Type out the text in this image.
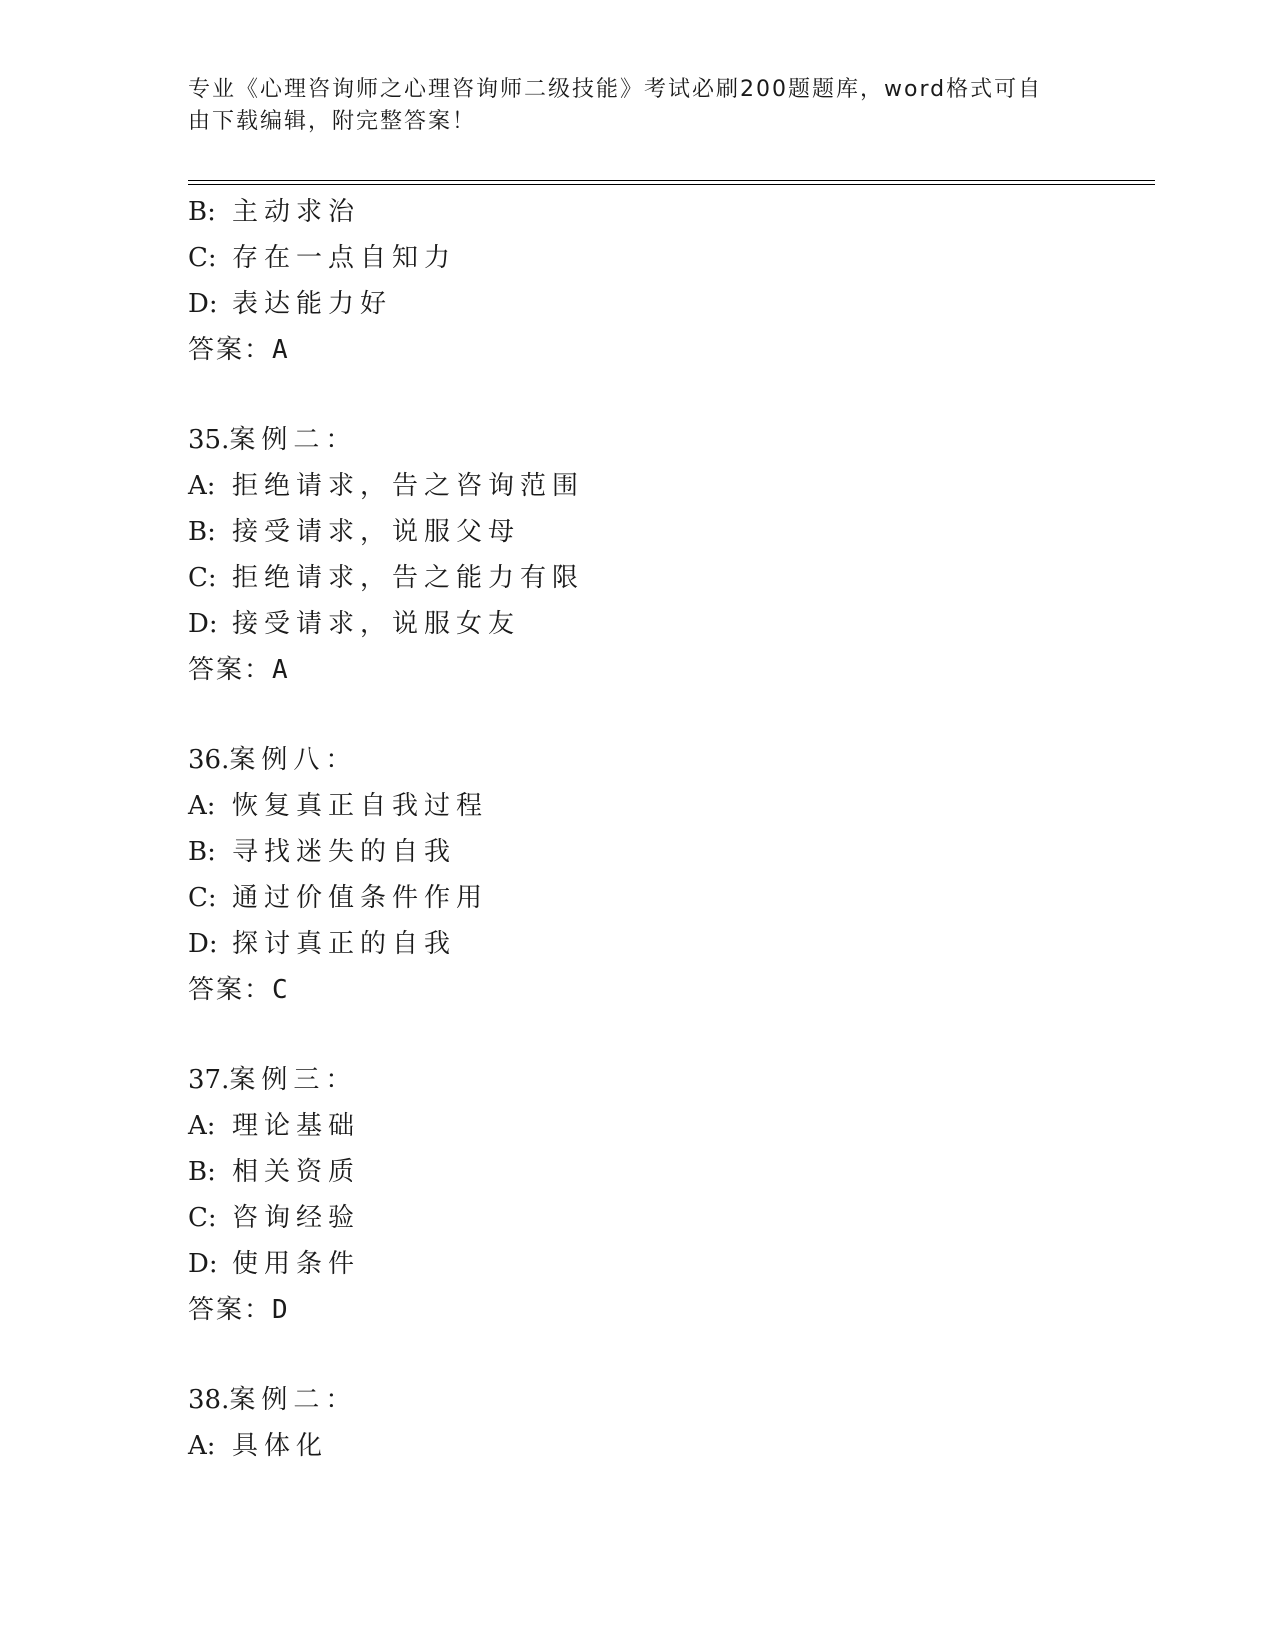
专业《心理咨询师之心理咨询师二级技能》考试必刷200题题库，word格式可自
由下载编辑，附完整答案！
B: 主动求治
C: 存在一点自知力
D: 表达能力好
答案：A
35.案例二：
A: 拒绝请求，告之咨询范围
B: 接受请求，说服父母
C: 拒绝请求，告之能力有限
D: 接受请求，说服女友
答案：A
36.案例八：
A: 恢复真正自我过程
B: 寻找迷失的自我
C: 通过价值条件作用
D: 探讨真正的自我
答案：C
37.案例三：
A: 理论基础
B: 相关资质
C: 咨询经验
D: 使用条件
答案：D
38.案例二：
A: 具体化
